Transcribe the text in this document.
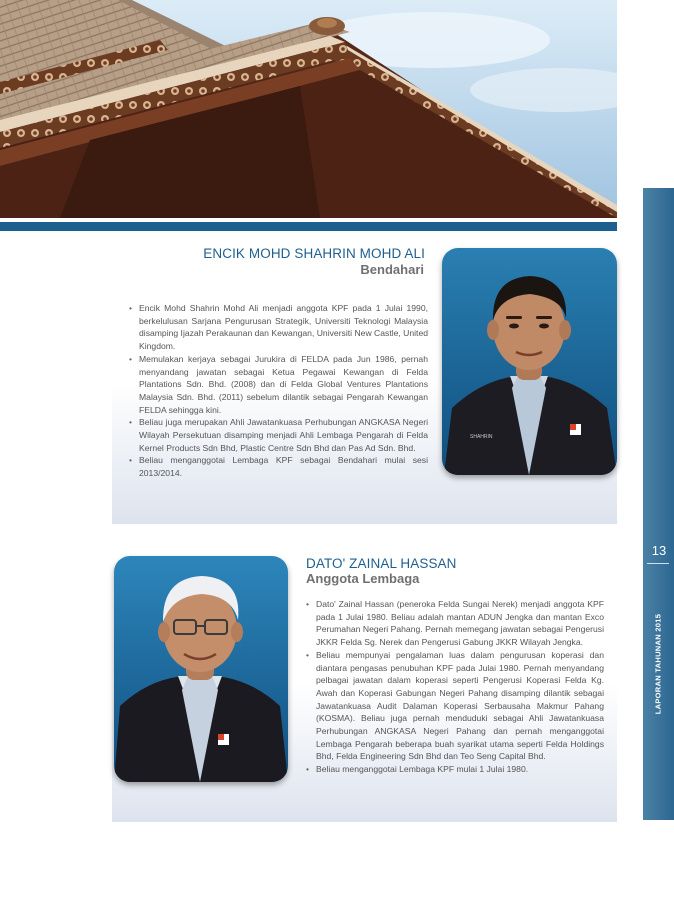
13
LAPORAN TAHUNAN 2015
ENCIK MOHD SHAHRIN MOHD ALI
Bendahari
• Encik Mohd Shahrin Mohd Ali menjadi anggota KPF pada 1 Julai 1990, berkelulusan Sarjana Pengurusan Strategik, Universiti Teknologi Malaysia disamping Ijazah Perakaunan dan Kewangan, Universiti New Castle, United Kingdom.
• Memulakan kerjaya sebagai Jurukira di FELDA pada Jun 1986, pernah menyandang jawatan sebagai Ketua Pegawai Kewangan di Felda Plantations Sdn. Bhd. (2008) dan di Felda Global Ventures Plantations Malaysia Sdn. Bhd. (2011) sebelum dilantik sebagai Pengarah Kewangan FELDA sehingga kini.
• Beliau juga merupakan Ahli Jawatankuasa Perhubungan ANGKASA Negeri Wilayah Persekutuan disamping menjadi Ahli Lembaga Pengarah di Felda Kernel Products Sdn Bhd, Plastic Centre Sdn Bhd dan Pas Ad Sdn. Bhd.
• Beliau menganggotai Lembaga KPF sebagai Bendahari mulai sesi 2013/2014.
SHAHRIN
DATO' ZAINAL HASSAN
Anggota Lembaga
• Dato' Zainal Hassan (peneroka Felda Sungai Nerek) menjadi anggota KPF pada 1 Julai 1980. Beliau adalah mantan ADUN Jengka dan mantan Exco Perumahan Negeri Pahang. Pernah memegang jawatan sebagai Pengerusi JKKR Felda Sg. Nerek dan Pengerusi Gabung JKKR Wilayah Jengka.
• Beliau mempunyai pengalaman luas dalam pengurusan koperasi dan diantara pengasas penubuhan KPF pada Julai 1980. Pernah menyandang pelbagai jawatan dalam koperasi seperti Pengerusi Koperasi Felda Kg. Awah dan Koperasi Gabungan Negeri Pahang disamping dilantik sebagai Jawatankuasa Audit Dalaman Koperasi Serbausaha Makmur Pahang (KOSMA). Beliau juga pernah menduduki sebagai Ahli Jawatankuasa Perhubungan ANGKASA Negeri Pahang dan pernah menganggotai Lembaga Pengarah beberapa buah syarikat utama seperti Felda Holdings Bhd, Felda Engineering Sdn Bhd dan Teo Seng Capital Bhd.
• Beliau menganggotai Lembaga KPF mulai 1 Julai 1980.
